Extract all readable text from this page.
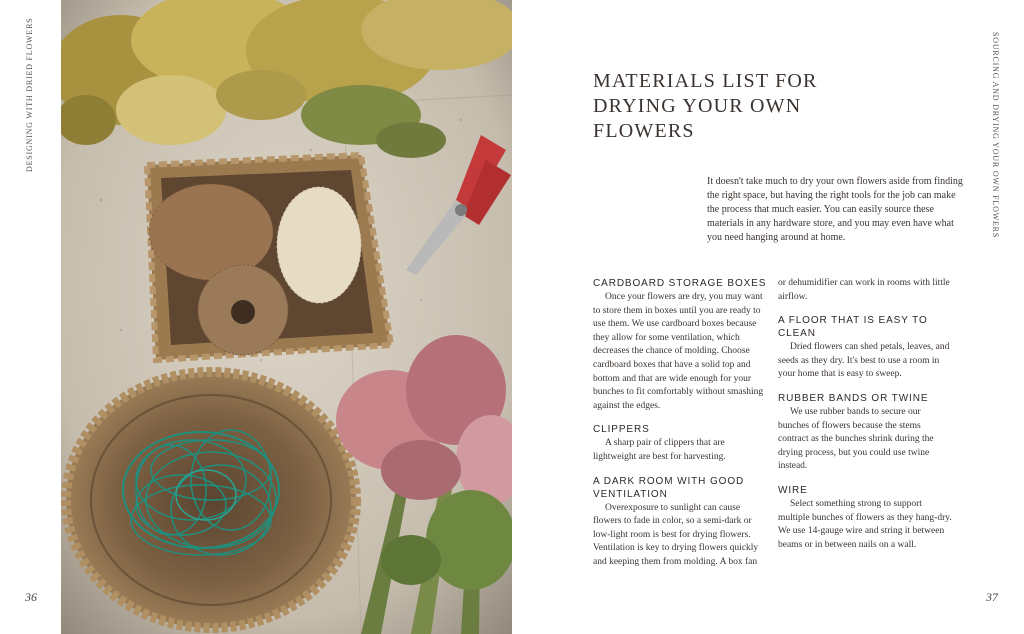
DESIGNING WITH DRIED FLOWERS
36
SOURCING AND DRYING YOUR OWN FLOWERS
37
MATERIALS LIST FOR DRYING YOUR OWN FLOWERS

It doesn't take much to dry your own flowers aside from finding the right space, but having the right tools for the job can make the process that much easier. You can easily source these materials in any hardware store, and you may even have what you need hanging around at home.

CARDBOARD STORAGE BOXES

Once your flowers are dry, you may want to store them in boxes until you are ready to use them. We use cardboard boxes because they allow for some ventilation, which decreases the chance of molding. Choose cardboard boxes that have a solid top and bottom and that are wide enough for your bunches to fit comfortably without smashing against the edges.

CLIPPERS

A sharp pair of clippers that are lightweight are best for harvesting.

A DARK ROOM WITH GOOD VENTILATION

Overexposure to sunlight can cause flowers to fade in color, so a semi-dark or low-light room is best for drying flowers. Ventilation is key to drying flowers quickly and keeping them from molding. A box fan

or dehumidifier can work in rooms with little airflow.

A FLOOR THAT IS EASY TO CLEAN

Dried flowers can shed petals, leaves, and seeds as they dry. It's best to use a room in your home that is easy to sweep.

RUBBER BANDS OR TWINE

We use rubber bands to secure our bunches of flowers because the stems contract as the bunches shrink during the drying process, but you could use twine instead.

WIRE

Select something strong to support multiple bunches of flowers as they hang-dry. We use 14-gauge wire and string it between beams or in between nails on a wall.
